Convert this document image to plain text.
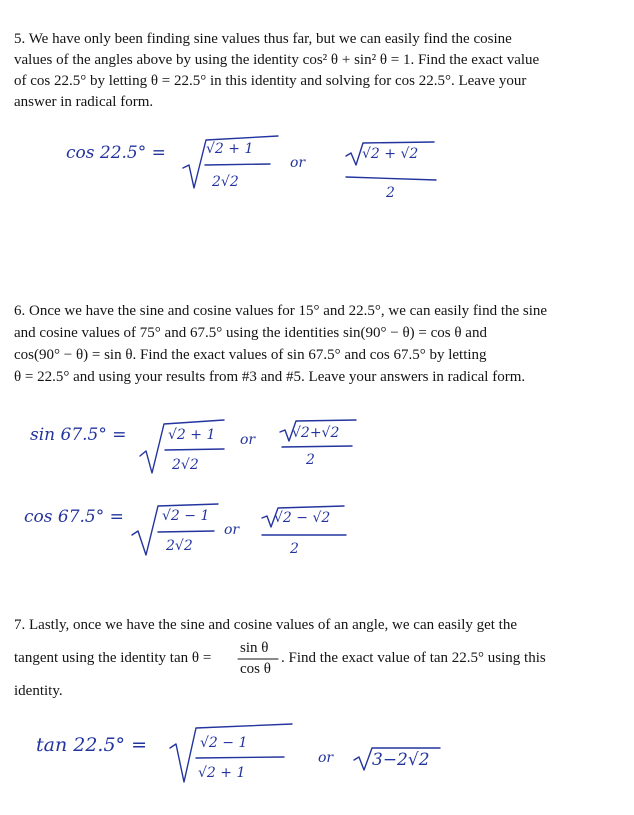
5. We have only been finding sine values thus far, but we can easily find the cosine
values of the angles above by using the identity cos² θ + sin² θ = 1. Find the exact value
of cos 22.5° by letting θ = 22.5° in this identity and solving for cos 22.5°. Leave your
answer in radical form.
cos 22.5° =	√2 + 1
2√2
or
√2 + √2
2
6. Once we have the sine and cosine values for 15° and 22.5°, we can easily find the sine
and cosine values of 75° and 67.5° using the identities sin(90° − θ) = cos θ and
cos(90° − θ) = sin θ. Find the exact values of sin 67.5° and cos 67.5° by letting
θ = 22.5° and using your results from #3 and #5. Leave your answers in radical form.
sin 67.5° =	√2 + 1
2√2
or	√2+√2
2
cos 67.5° =	√2 − 1
2√2
or
√2 − √2
2
7. Lastly, once we have the sine and cosine values of an angle, we can easily get the
tangent using the identity tan θ =
sin θ
cos θ
. Find the exact value of tan 22.5° using this
identity.
tan 22.5° =	√2 − 1
√2 + 1
or 3−2√2
